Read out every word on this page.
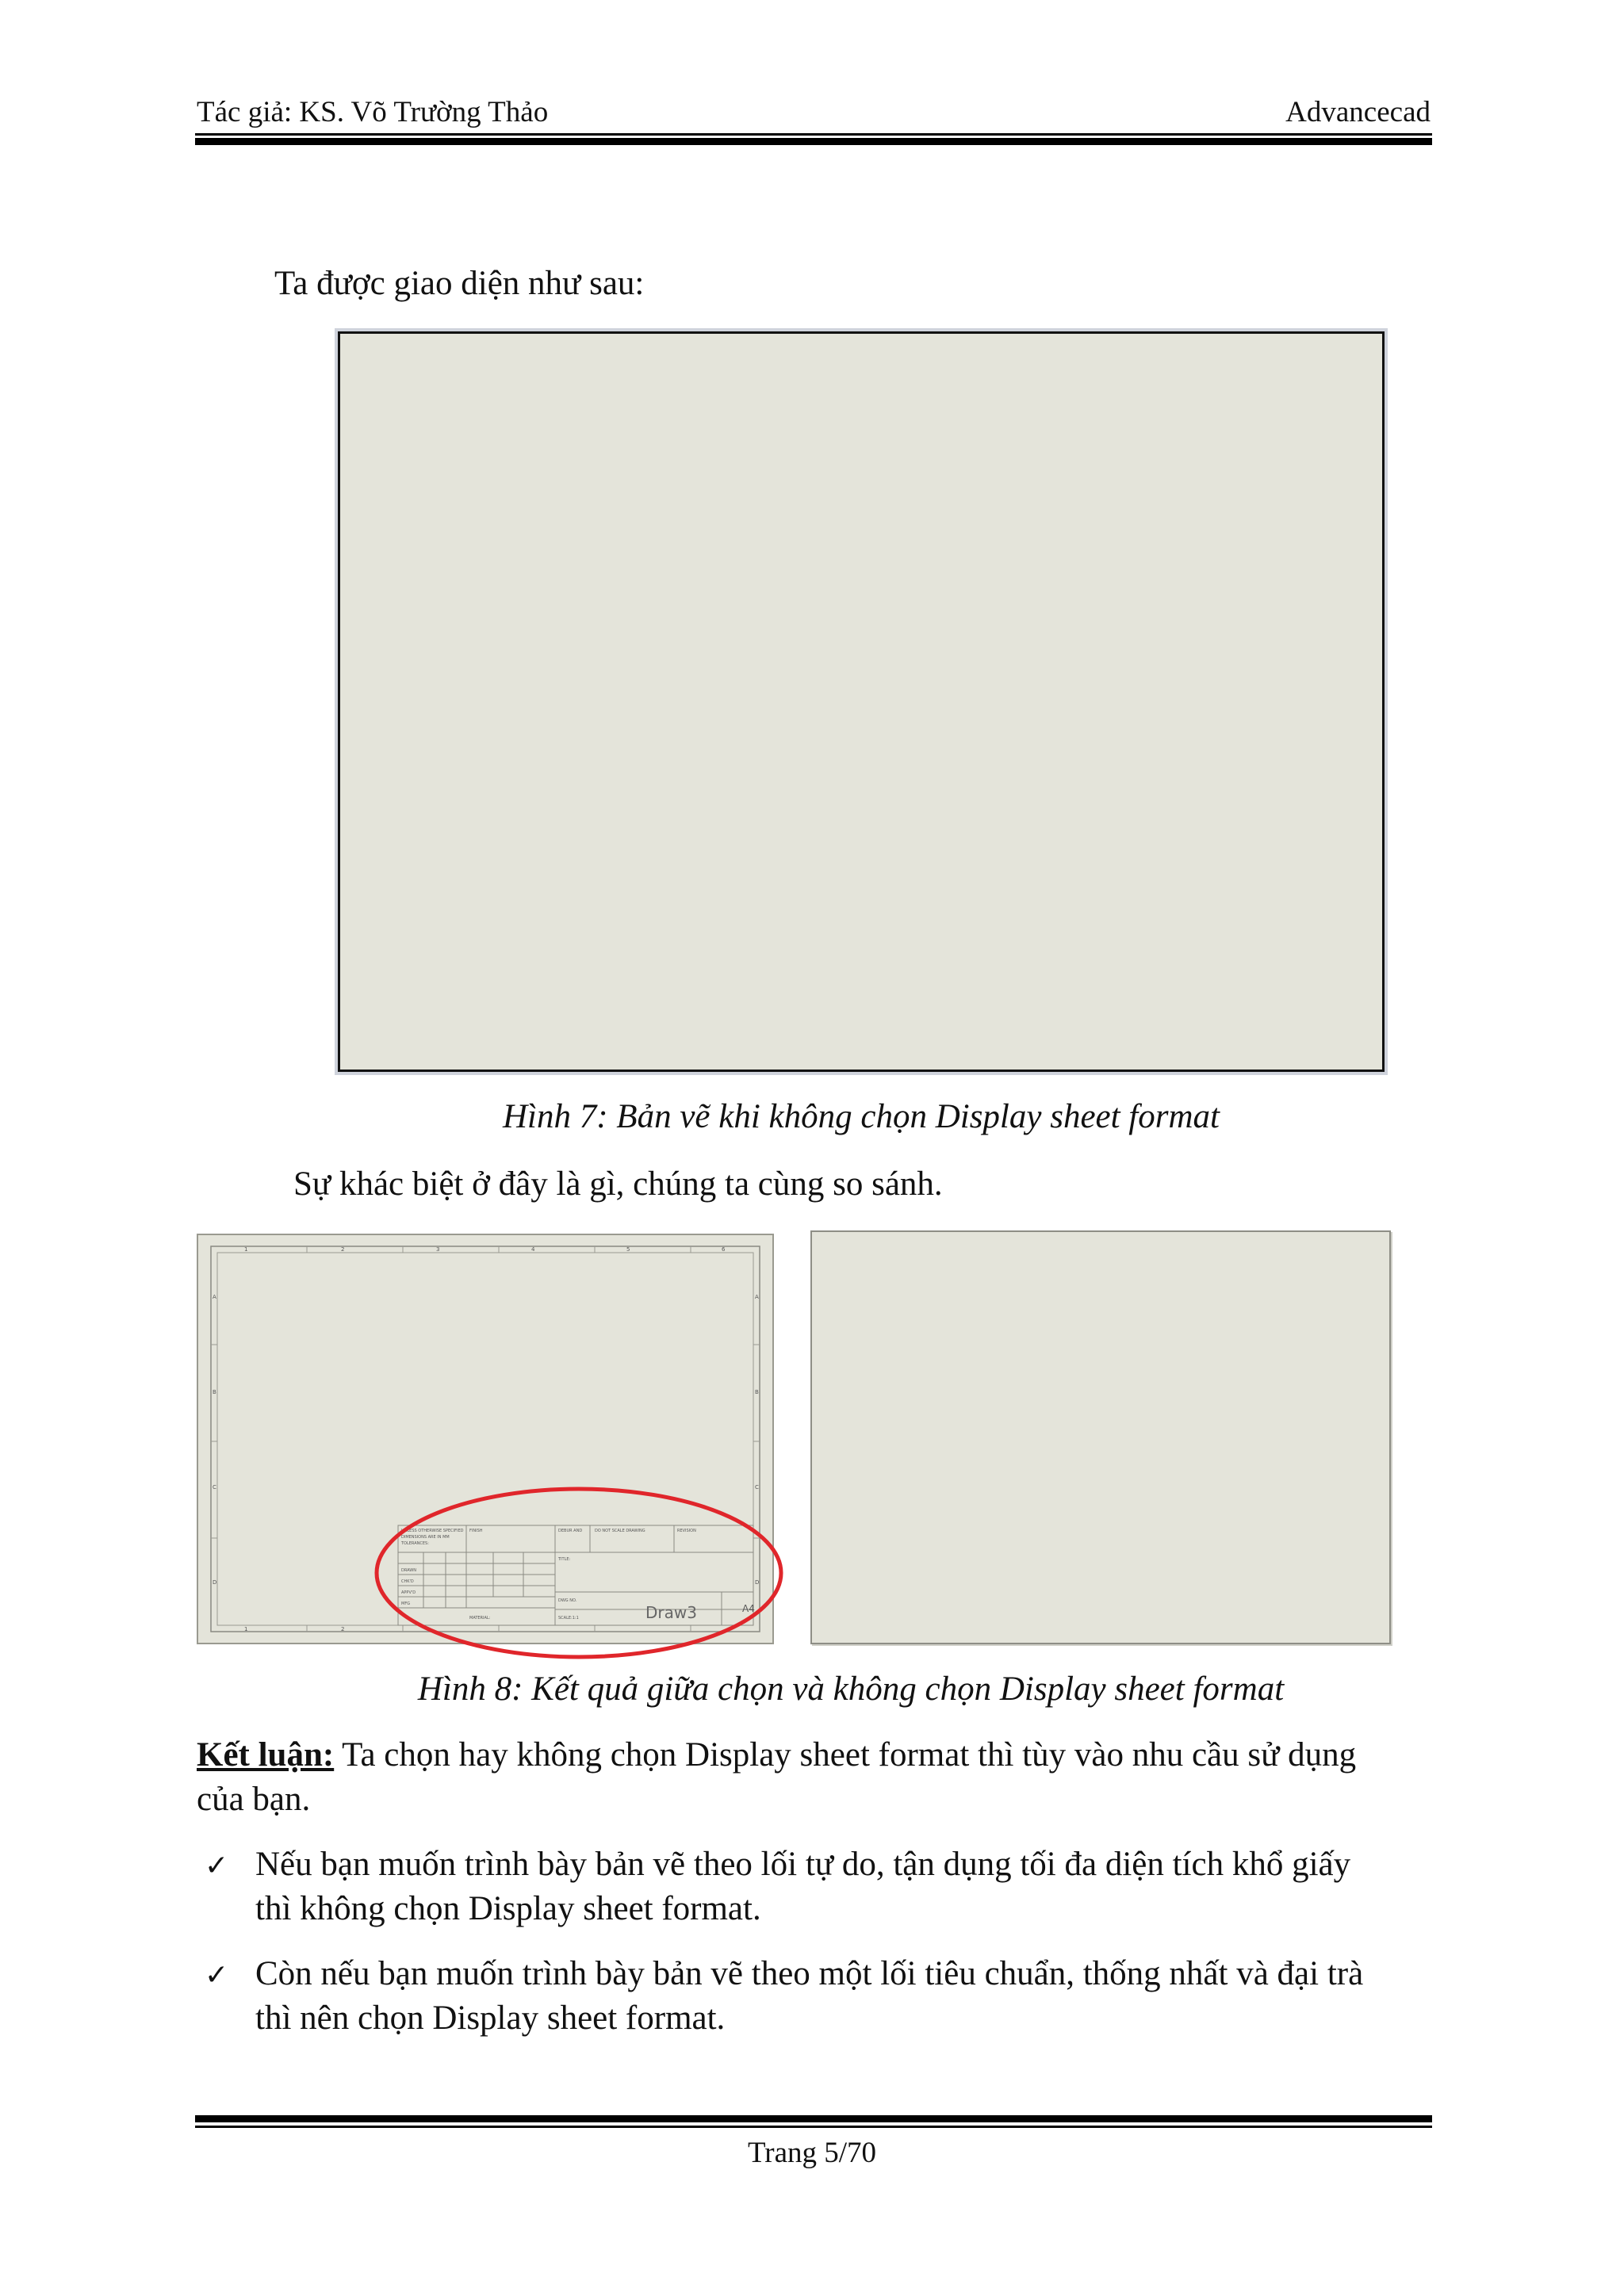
Tác giả: KS. Võ Trường Thảo	Advancecad
Ta được giao diện như sau:
Hình 7: Bản vẽ khi không chọn Display sheet format
Sự khác biệt ở đây là gì, chúng ta cùng so sánh.
1	2	3	4	5	6
A
B
C
D
A
B
C
D
1	2
UNLESS OTHERWISE SPECIFIED
DIMENSIONS ARE IN MM
TOLERANCES:
FINISH	DEBUR AND	DO NOT SCALE DRAWING	REVISION
DRAWN
CHK'D
APPV'D
MFG
TITLE:
DWG NO.
SCALE:1:1
MATERIAL:	Draw3	A4
Hình 8: Kết quả giữa chọn và không chọn Display sheet format
Kết luận: Ta chọn hay không chọn Display sheet format thì tùy vào nhu cầu sử dụng
của bạn.
✓ Nếu bạn muốn trình bày bản vẽ theo lối tự do, tận dụng tối đa diện tích khổ giấy
thì không chọn Display sheet format.
✓ Còn nếu bạn muốn trình bày bản vẽ theo một lối tiêu chuẩn, thống nhất và đại trà
thì nên chọn Display sheet format.
Trang 5/70
